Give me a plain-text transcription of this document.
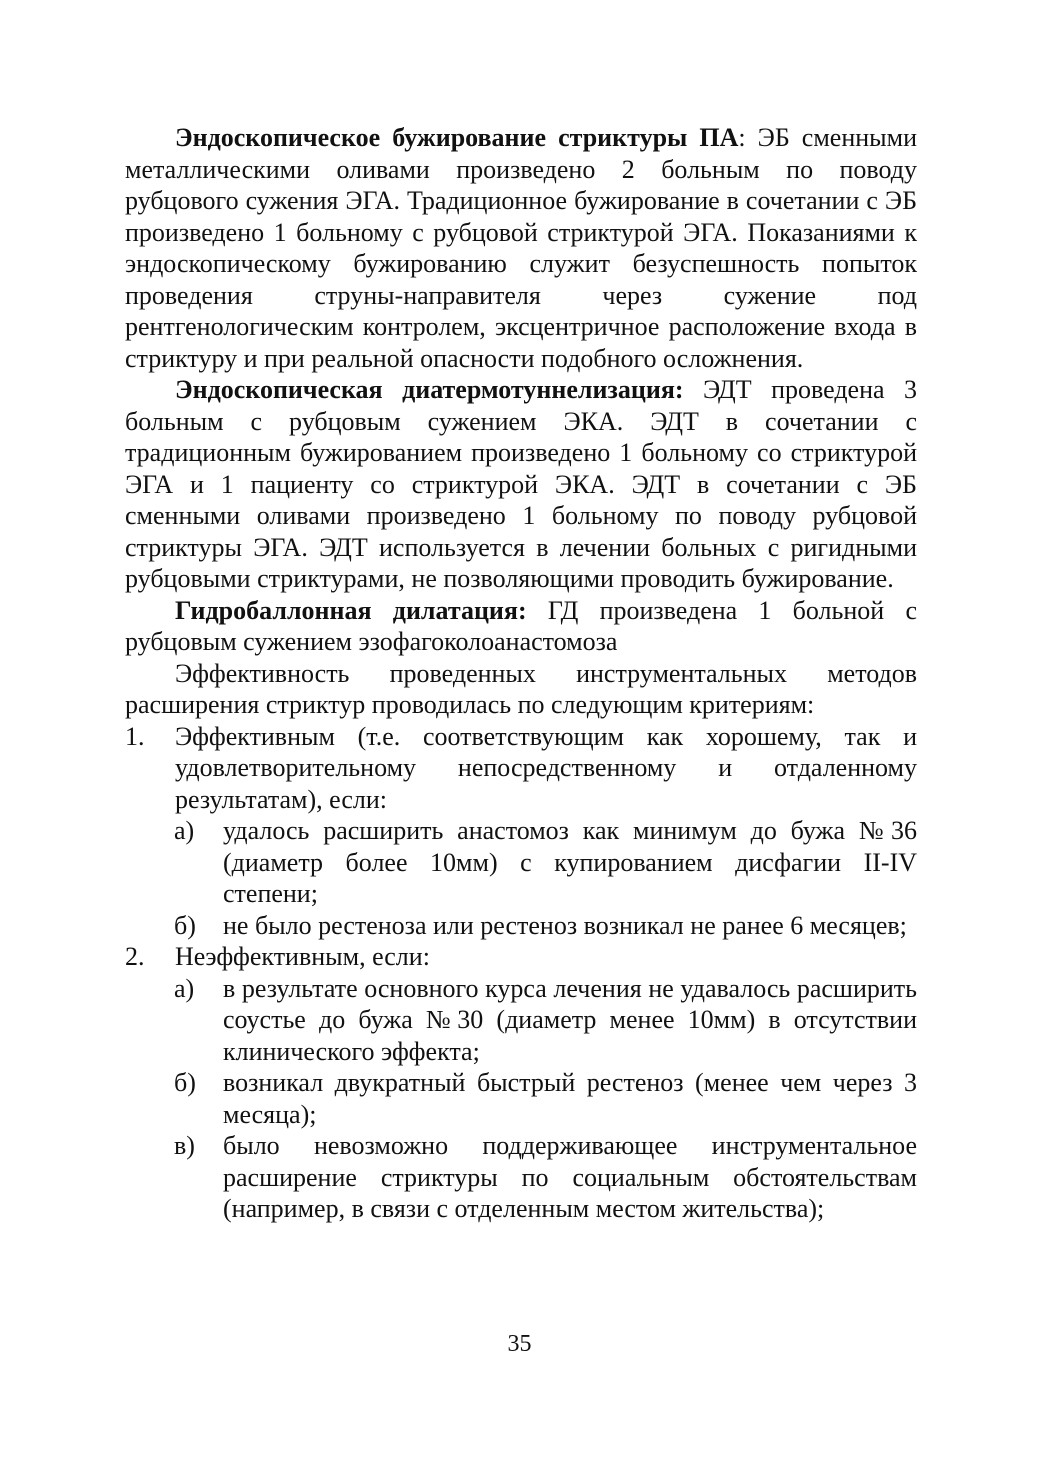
Эндоскопическое бужирование стриктуры ПА: ЭБ сменными металлическими оливами произведено 2 больным по поводу рубцового сужения ЭГА. Традиционное бужирование в сочетании с ЭБ произведено 1 больному с рубцовой стриктурой ЭГА. Показаниями к эндоскопическому бужированию служит безуспешность попыток проведения струны-направителя через сужение под рентгенологическим контролем, эксцентричное расположение входа в стриктуру и при реальной опасности подобного осложнения.

Эндоскопическая диатермотуннелизация: ЭДТ проведена 3 больным с рубцовым сужением ЭКА. ЭДТ в сочетании с традиционным бужированием произведено 1 больному со стриктурой ЭГА и 1 пациенту со стриктурой ЭКА. ЭДТ в сочетании с ЭБ сменными оливами произведено 1 больному по поводу рубцовой стриктуры ЭГА. ЭДТ используется в лечении больных с ригидными рубцовыми стриктурами, не позволяющими проводить бужирование.

Гидробаллонная дилатация: ГД произведена 1 больной с рубцовым сужением эзофагоколоанастомоза

Эффективность проведенных инструментальных методов расширения стриктур проводилась по следующим критериям:

1. Эффективным (т.е. соответствующим как хорошему, так и удовлетворительному непосредственному и отдаленному результатам), если:

а) удалось расширить анастомоз как минимум до бужа №36 (диаметр более 10мм) с купированием дисфагии II-IV степени;

б) не было рестеноза или рестеноз возникал не ранее 6 месяцев;

2. Неэффективным, если:

а) в результате основного курса лечения не удавалось расширить соустье до бужа №30 (диаметр менее 10мм) в отсутствии клинического эффекта;

б) возникал двукратный быстрый рестеноз (менее чем через 3 месяца);

в) было невозможно поддерживающее инструментальное расширение стриктуры по социальным обстоятельствам (например, в связи с отделенным местом жительства);

35
